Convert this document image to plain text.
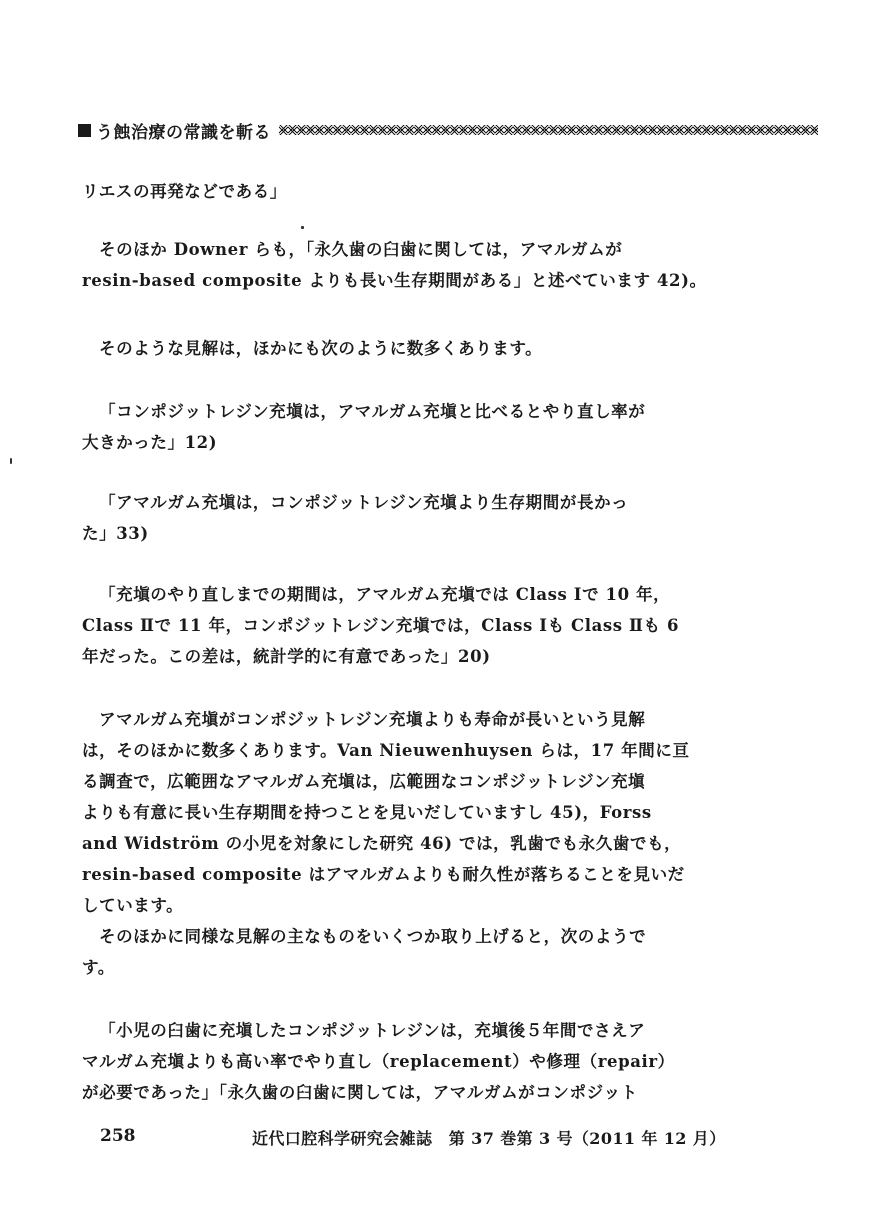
う蝕治療の常識を斬る

リエスの再発などである」

そのほか Downer らも，「永久歯の臼歯に関しては，アマルガムが
resin-based composite よりも長い生存期間がある」と述べています 42)。

そのような見解は，ほかにも次のように数多くあります。

「コンポジットレジン充塡は，アマルガム充塡と比べるとやり直し率が
大きかった」12)

「アマルガム充塡は，コンポジットレジン充塡より生存期間が長かっ
た」33)

「充塡のやり直しまでの期間は，アマルガム充塡では Class Ⅰで 10 年，
Class Ⅱで 11 年，コンポジットレジン充塡では，Class Ⅰも Class Ⅱも 6
年だった。この差は，統計学的に有意であった」20)

アマルガム充塡がコンポジットレジン充塡よりも寿命が長いという見解
は，そのほかに数多くあります。Van Nieuwenhuysen らは，17 年間に亘
る調査で，広範囲なアマルガム充塡は，広範囲なコンポジットレジン充塡
よりも有意に長い生存期間を持つことを見いだしていますし 45)，Forss
and Widström の小児を対象にした研究 46) では，乳歯でも永久歯でも，
resin-based composite はアマルガムよりも耐久性が落ちることを見いだ
しています。
そのほかに同様な見解の主なものをいくつか取り上げると，次のようで
す。

「小児の臼歯に充塡したコンポジットレジンは，充塡後５年間でさえア
マルガム充塡よりも高い率でやり直し（replacement）や修理（repair）
が必要であった」「永久歯の臼歯に関しては，アマルガムがコンポジット

258	近代口腔科学研究会雑誌　第 37 巻第 3 号（2011 年 12 月）
